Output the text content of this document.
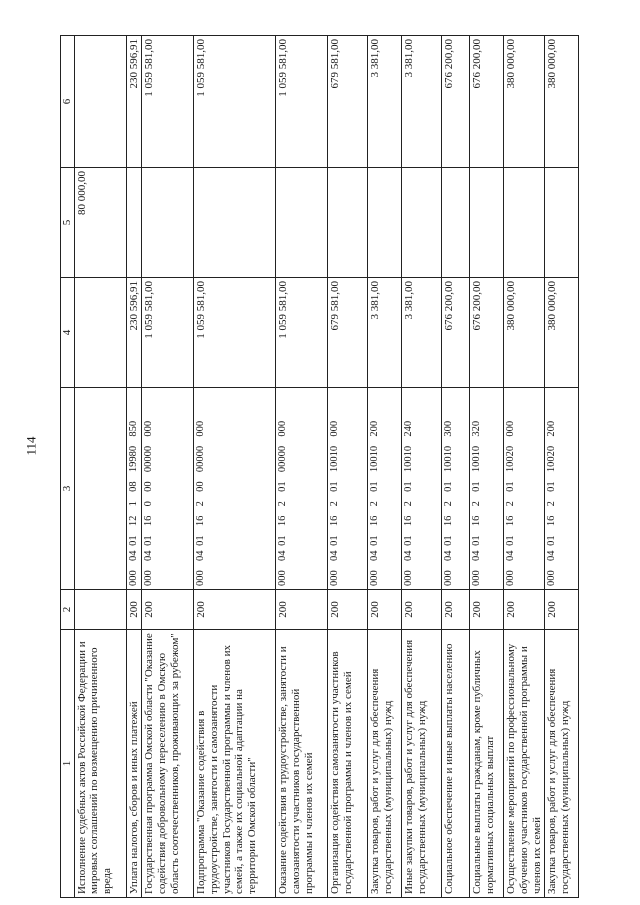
114
1	2	3	4	5	6
Исполнение судебных актов Российской Федерации и мировых соглашений по возмещению причиненного вреда				80 000,00	
Уплата налогов, сборов и иных платежей	200	000  04 01  12  1  08  19980  850	230 596,91		230 596,91
Государственная программа Омской области "Оказание содействия добровольному переселению в Омскую область соотечественников, проживающих за рубежом"	200	000  04 01  16  0  00  00000  000	1 059 581,00		1 059 581,00
Подпрограмма "Оказание содействия в трудоустройстве, занятости и самозанятости участников Государственной программы и членов их семей, а также их социальной адаптации на территории Омской области"	200	000  04 01  16  2  00  00000  000	1 059 581,00		1 059 581,00
Оказание содействия в трудоустройстве, занятости и самозанятости участников государственной программы и членов их семей	200	000  04 01  16  2  01  00000  000	1 059 581,00		1 059 581,00
Организация содействия самозанятости участников государственной программы и членов их семей	200	000  04 01  16  2  01  10010  000	679 581,00		679 581,00
Закупка товаров, работ и услуг для обеспечения государственных (муниципальных) нужд	200	000  04 01  16  2  01  10010  200	3 381,00		3 381,00
Иные закупки товаров, работ и услуг для обеспечения государственных (муниципальных) нужд	200	000  04 01  16  2  01  10010  240	3 381,00		3 381,00
Социальное обеспечение и иные выплаты населению	200	000  04 01  16  2  01  10010  300	676 200,00		676 200,00
Социальные выплаты гражданам, кроме публичных нормативных социальных выплат	200	000  04 01  16  2  01  10010  320	676 200,00		676 200,00
Осуществление мероприятий по профессиональному обучению участников государственной программы и членов их семей	200	000  04 01  16  2  01  10020  000	380 000,00		380 000,00
Закупка товаров, работ и услуг для обеспечения государственных (муниципальных) нужд	200	000  04 01  16  2  01  10020  200	380 000,00		380 000,00
